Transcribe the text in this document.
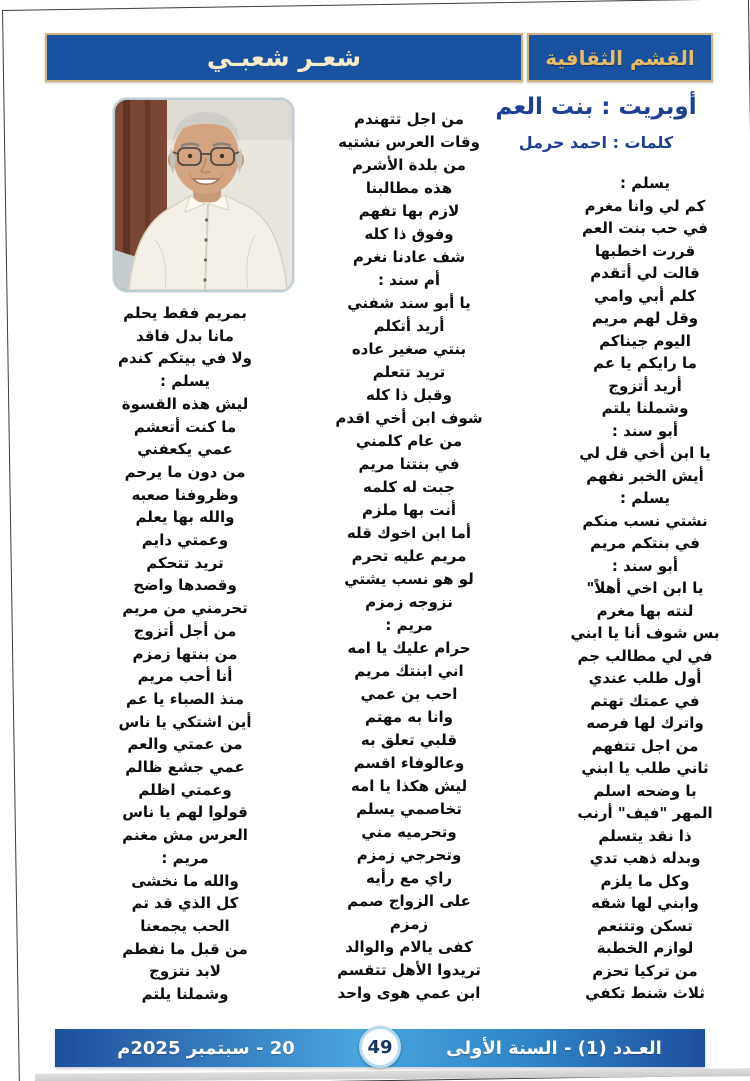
القشم الثقافية
شعـر شعبـي
أوبريت : بنت العم
كلمات : احمد حرمل
يسلم :
كم لي وانا مغرم
في حب بنت العم
قررت اخطبها
قالت لي أتقدم
كلم أبي وامي
وقل لهم مريم
اليوم جيناكم
ما رايكم يا عم
أريد أتزوج
وشملنا يلتم
أبو سند :
يا ابن أخي قل لي
أيش الخبر نفهم
يسلم :
نشتي نسب منكم
في بنتكم مريم
أبو سند :
يا ابن اخي أهلاً"
لنته بها مغرم
بس شوف أنا يا ابني
في لي مطالب جم
أول طلب عندي
في عمتك تهتم
واترك لها فرصه
من اجل تتفهم
ثاني طلب يا ابني
با وضحه اسلم
المهر "فيف" أرنب
ذا نقد يتسلم
وبدله ذهب تدي
وكل ما يلزم
وابني لها شقه
تسكن وتتنعم
لوازم الخطبة
من تركيا تحزم
ثلاث شنط تكفي
من اجل تتهندم
وقات العرس نشتيه
من بلدة الأشرم
هذه مطالبنا
لازم بها تفهم
وفوق ذا كله
شف عادنا نغرم
أم سند :
يا أبو سند شفني
أريد أتكلم
بنتي صغير عاده
تريد تتعلم
وقبل ذا كله
شوف ابن أخي اقدم
من عام كلمني
في بنتنا مريم
جبت له كلمه
أنت بها ملزم
أما ابن اخوك قله
مريم عليه تحرم
لو هو نسب يشتي
نزوجه زمزم
مريم :
حرام عليك يا امه
اني ابنتك مريم
احب بن عمي
وانا به مهتم
قلبي تعلق به
وعالوفاء اقسم
ليش هكذا يا امه
تخاصمي يسلم
وتحرميه مني
وتحرجي زمزم
راي مع رأيه
على الزواج صمم
زمزم
كفى يالام والوالد
تريدوا الأهل تتقسم
ابن عمي هوى واحد
بمريم فقط يحلم
مانا بدل فاقد
ولا في بيتكم كندم
يسلم :
ليش هذه القسوة
ما كنت أتعشم
عمي يكعفني
من دون ما يرحم
وظروفنا صعبه
والله بها يعلم
وعمتي دايم
تريد تتحكم
وقصدها واضح
تحرمني من مريم
من أجل أتزوج
من بنتها زمزم
أنا أحب مريم
منذ الصباء يا عم
أين اشتكي يا ناس
من عمتي والعم
عمي جشع ظالم
وعمتي اظلم
قولوا لهم يا ناس
العرس مش مغنم
مريم :
والله ما نخشى
كل الذي قد تم
الحب يجمعنا
من قبل ما نفطم
لابد نتزوج
وشملنا يلتم
العـدد (1) - السنة الأولى
20 - سبتمبر 2025م	49
